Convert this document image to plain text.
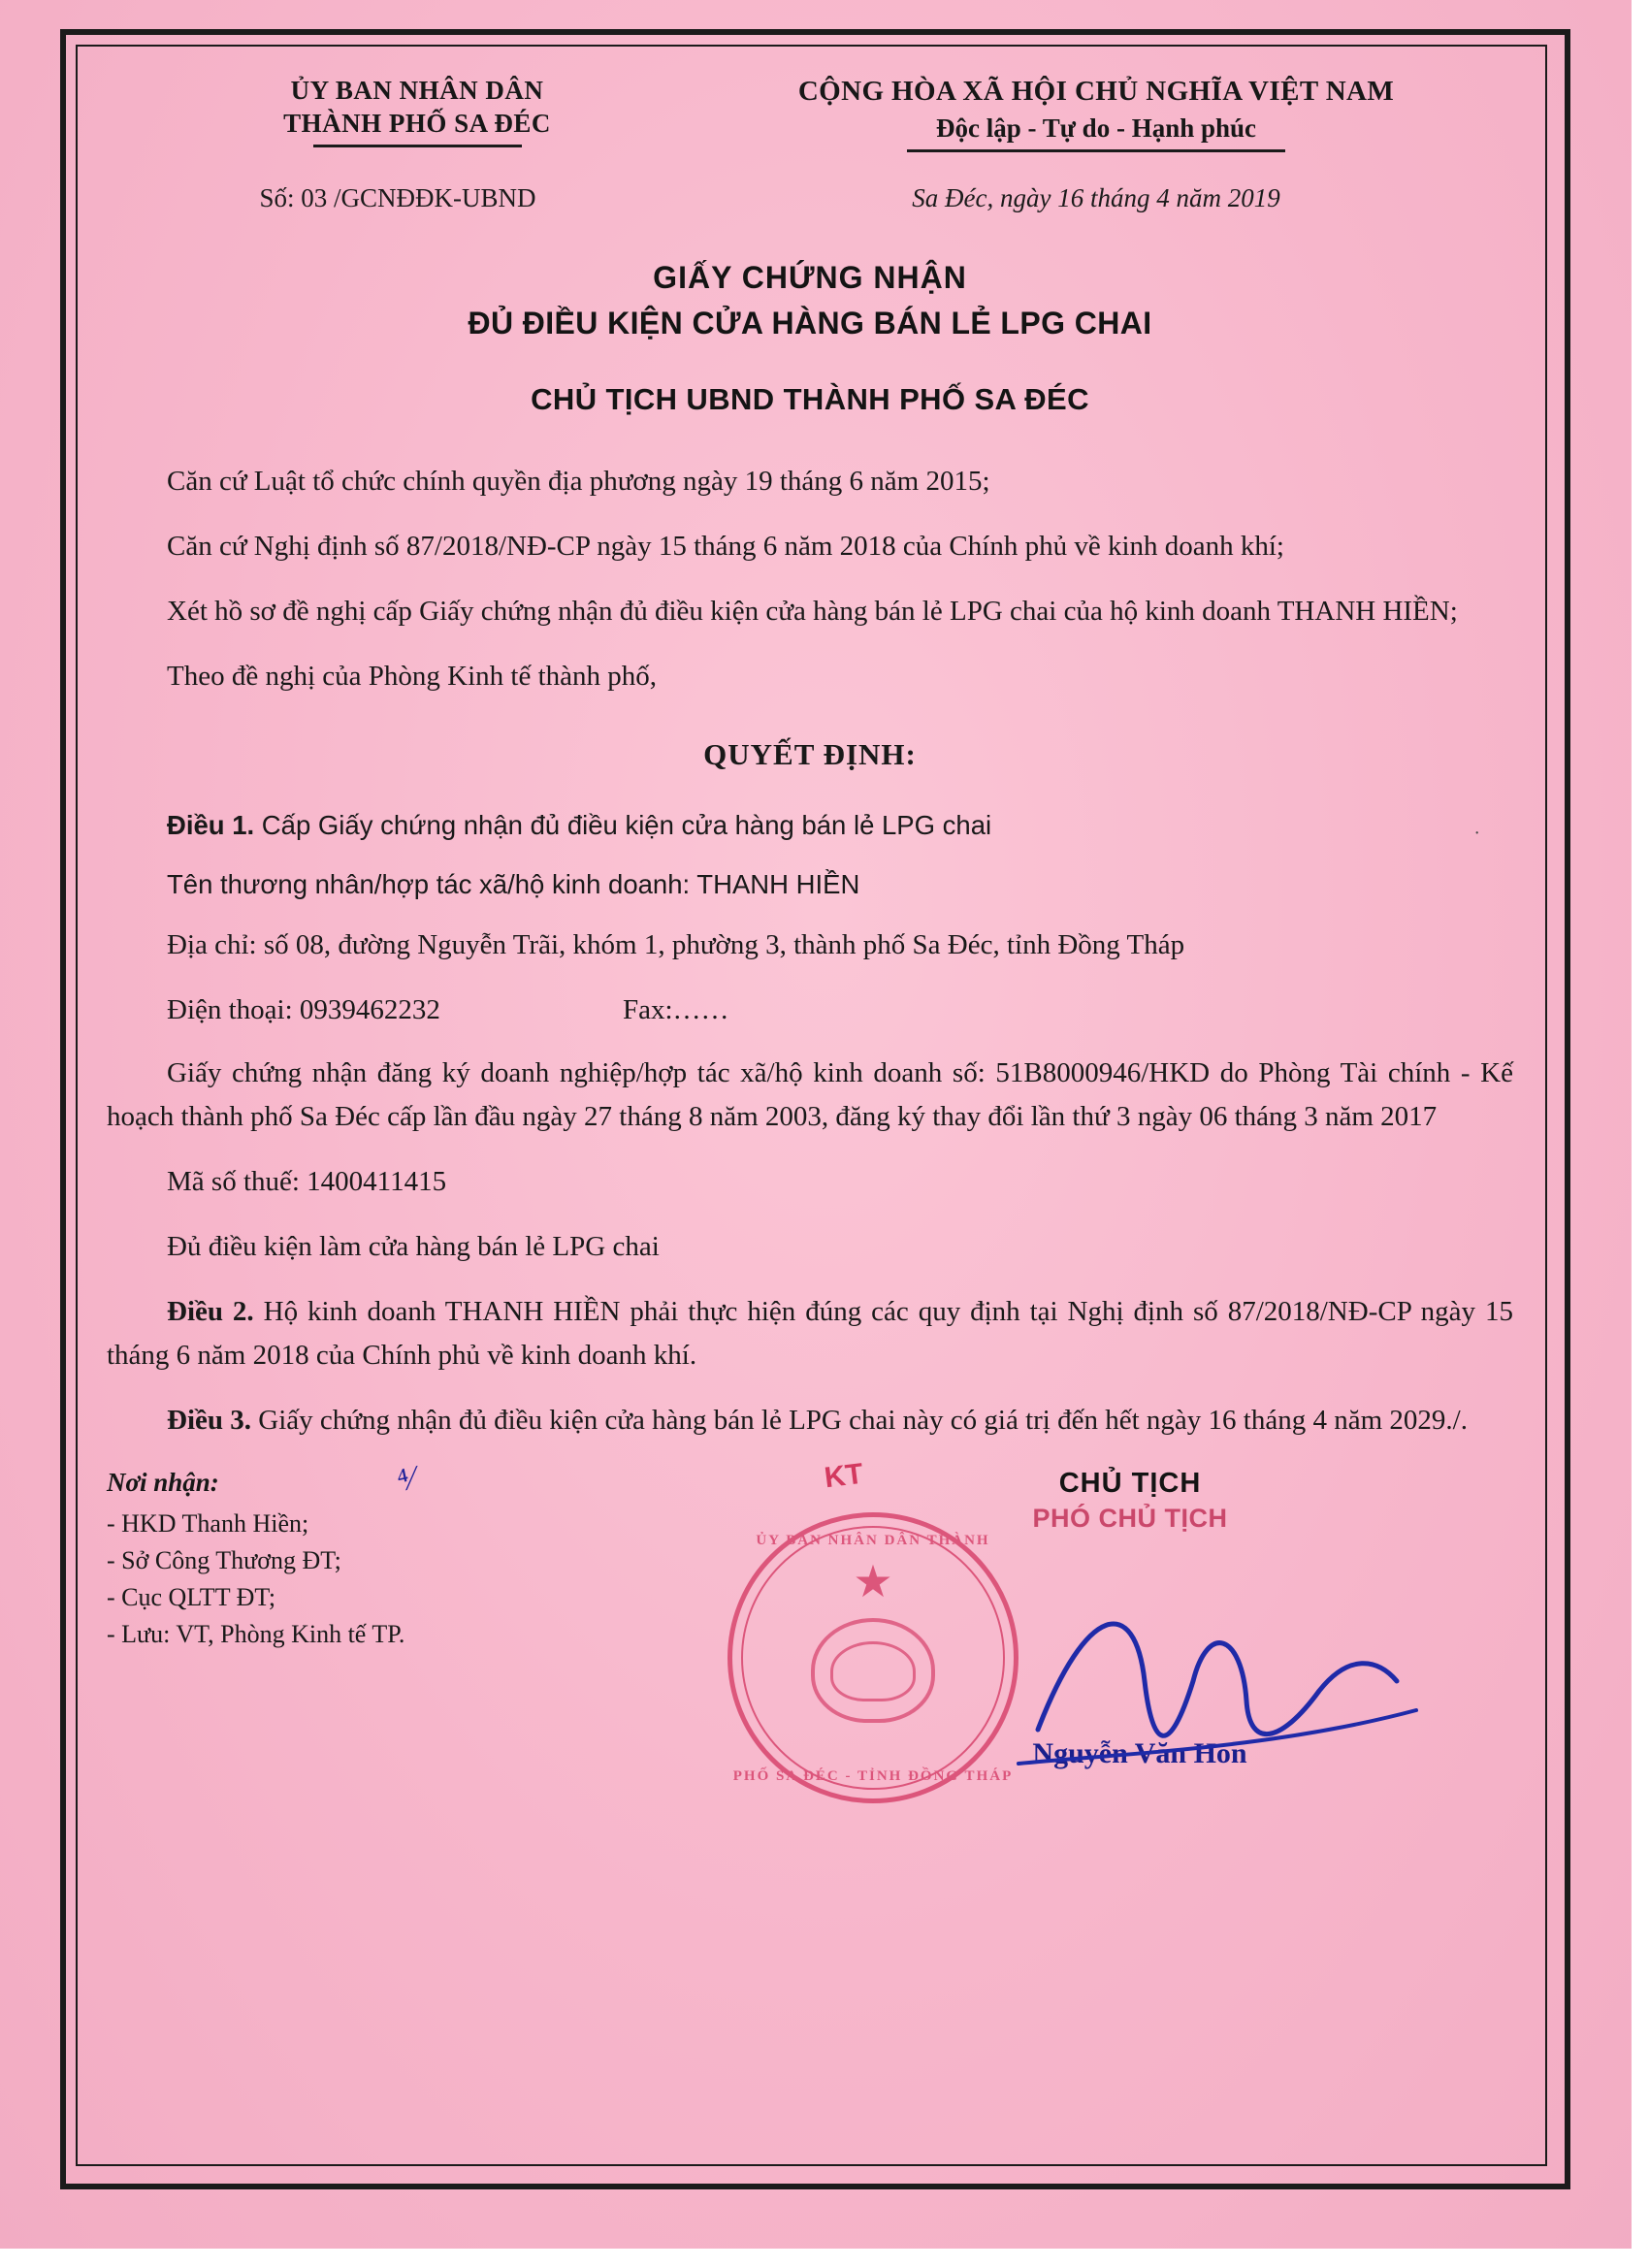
ỦY BAN NHÂN DÂN
THÀNH PHỐ SA ĐÉC
CỘNG HÒA XÃ HỘI CHỦ NGHĨA VIỆT NAM
Độc lập - Tự do - Hạnh phúc
Số: 03 /GCNĐĐK-UBND	Sa Đéc, ngày 16 tháng 4 năm 2019
GIẤY CHỨNG NHẬN
ĐỦ ĐIỀU KIỆN CỬA HÀNG BÁN LẺ LPG CHAI
CHỦ TỊCH UBND THÀNH PHỐ SA ĐÉC
Căn cứ Luật tổ chức chính quyền địa phương ngày 19 tháng 6 năm 2015;
Căn cứ Nghị định số 87/2018/NĐ-CP ngày 15 tháng 6 năm 2018 của Chính phủ về kinh doanh khí;
Xét hồ sơ đề nghị cấp Giấy chứng nhận đủ điều kiện cửa hàng bán lẻ LPG chai của hộ kinh doanh THANH HIỀN;
Theo đề nghị của Phòng Kinh tế thành phố,
QUYẾT ĐỊNH:
Điều 1. Cấp Giấy chứng nhận đủ điều kiện cửa hàng bán lẻ LPG chai
Tên thương nhân/hợp tác xã/hộ kinh doanh: THANH HIỀN
Địa chỉ: số 08, đường Nguyễn Trãi, khóm 1, phường 3, thành phố Sa Đéc, tỉnh Đồng Tháp
Điện thoại: 0939462232	Fax:……
Giấy chứng nhận đăng ký doanh nghiệp/hợp tác xã/hộ kinh doanh số: 51B8000946/HKD do Phòng Tài chính - Kế hoạch thành phố Sa Đéc cấp lần đầu ngày 27 tháng 8 năm 2003, đăng ký thay đổi lần thứ 3 ngày 06 tháng 3 năm 2017
Mã số thuế: 1400411415
Đủ điều kiện làm cửa hàng bán lẻ LPG chai
Điều 2. Hộ kinh doanh THANH HIỀN phải thực hiện đúng các quy định tại Nghị định số 87/2018/NĐ-CP ngày 15 tháng 6 năm 2018 của Chính phủ về kinh doanh khí.
Điều 3. Giấy chứng nhận đủ điều kiện cửa hàng bán lẻ LPG chai này có giá trị đến hết ngày 16 tháng 4 năm 2029./.
·
Nơi nhận:	⁴∕
- HKD Thanh Hiền;
- Sở Công Thương ĐT;
- Cục QLTT ĐT;
- Lưu: VT, Phòng Kinh tế TP.
KT	CHỦ TỊCH
PHÓ CHỦ TỊCH
ỦY BAN NHÂN DÂN THÀNH
★
PHỐ SA ĐÉC - TỈNH ĐỒNG THÁP
Nguyễn Văn Hon
